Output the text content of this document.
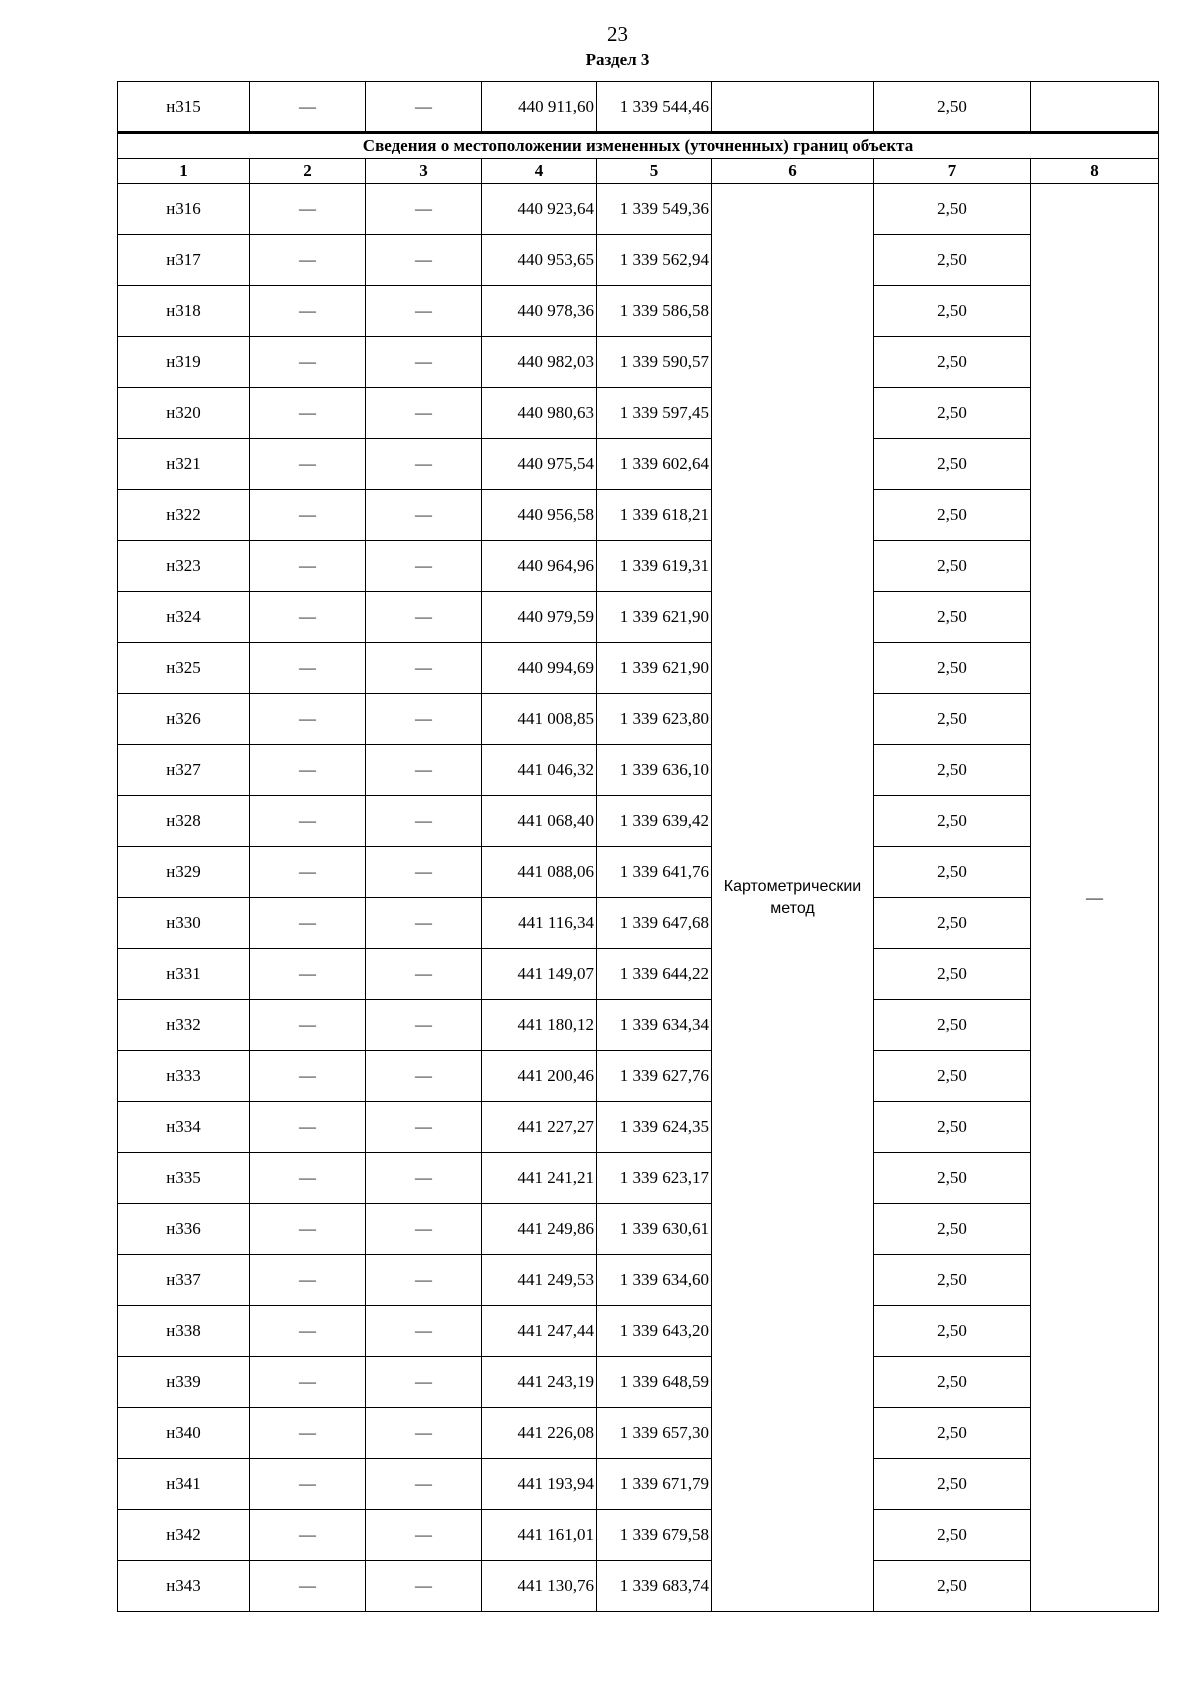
23
Раздел 3
н315	—	—	440 911,60	1 339 544,46		2,50	
Сведения о местоположении измененных (уточненных) границ объекта							
1	2	3	4	5	6	7	8
н316	—	—	440 923,64	1 339 549,36	Картометрическии метод	2,50	—
н317	—	—	440 953,65	1 339 562,94		2,50	
н318	—	—	440 978,36	1 339 586,58		2,50	
н319	—	—	440 982,03	1 339 590,57		2,50	
н320	—	—	440 980,63	1 339 597,45		2,50	
н321	—	—	440 975,54	1 339 602,64		2,50	
н322	—	—	440 956,58	1 339 618,21		2,50	
н323	—	—	440 964,96	1 339 619,31		2,50	
н324	—	—	440 979,59	1 339 621,90		2,50	
н325	—	—	440 994,69	1 339 621,90		2,50	
н326	—	—	441 008,85	1 339 623,80		2,50	
н327	—	—	441 046,32	1 339 636,10		2,50	
н328	—	—	441 068,40	1 339 639,42		2,50	
н329	—	—	441 088,06	1 339 641,76		2,50	
н330	—	—	441 116,34	1 339 647,68		2,50	
н331	—	—	441 149,07	1 339 644,22		2,50	
н332	—	—	441 180,12	1 339 634,34		2,50	
н333	—	—	441 200,46	1 339 627,76		2,50	
н334	—	—	441 227,27	1 339 624,35		2,50	
н335	—	—	441 241,21	1 339 623,17		2,50	
н336	—	—	441 249,86	1 339 630,61		2,50	
н337	—	—	441 249,53	1 339 634,60		2,50	
н338	—	—	441 247,44	1 339 643,20		2,50	
н339	—	—	441 243,19	1 339 648,59		2,50	
н340	—	—	441 226,08	1 339 657,30		2,50	
н341	—	—	441 193,94	1 339 671,79		2,50	
н342	—	—	441 161,01	1 339 679,58		2,50	
н343	—	—	441 130,76	1 339 683,74		2,50	
